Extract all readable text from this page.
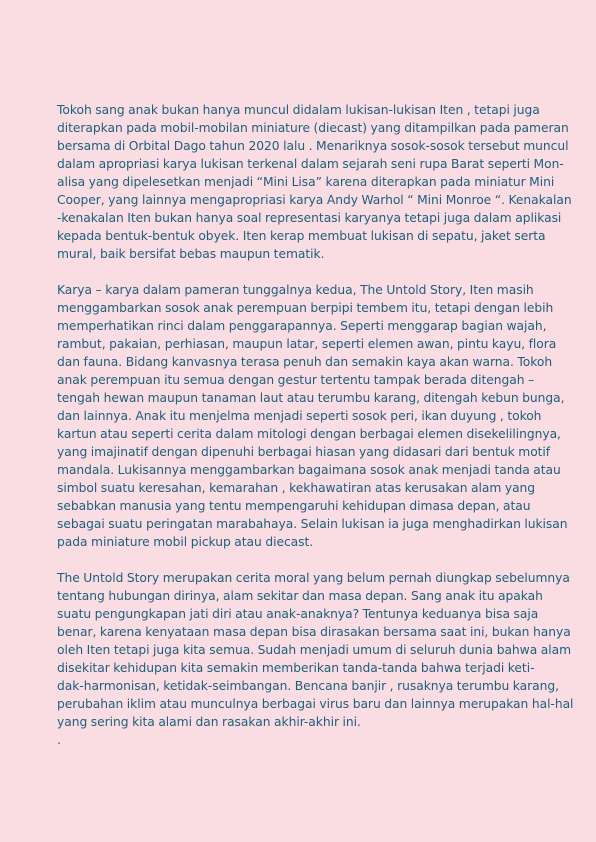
Tokoh sang anak bukan hanya muncul didalam lukisan-lukisan Iten , tetapi juga
diterapkan pada mobil-mobilan miniature (diecast) yang ditampilkan pada pameran
bersama di Orbital Dago tahun 2020 lalu . Menariknya sosok-sosok tersebut muncul
dalam apropriasi karya lukisan terkenal dalam sejarah seni rupa Barat seperti Mon-
alisa yang dipelesetkan menjadi “Mini Lisa” karena diterapkan pada miniatur Mini
Cooper, yang lainnya mengapropriasi karya Andy Warhol “ Mini Monroe “. Kenakalan
-kenakalan Iten bukan hanya soal representasi karyanya tetapi juga dalam aplikasi
kepada bentuk-bentuk obyek. Iten kerap membuat lukisan di sepatu, jaket serta
mural, baik bersifat bebas maupun tematik.

Karya – karya dalam pameran tunggalnya kedua, The Untold Story, Iten masih
menggambarkan sosok anak perempuan berpipi tembem itu, tetapi dengan lebih
memperhatikan rinci dalam penggarapannya. Seperti menggarap bagian wajah,
rambut, pakaian, perhiasan, maupun latar, seperti elemen awan, pintu kayu, flora
dan fauna. Bidang kanvasnya terasa penuh dan semakin kaya akan warna. Tokoh
anak perempuan itu semua dengan gestur tertentu tampak berada ditengah –
tengah hewan maupun tanaman laut atau terumbu karang, ditengah kebun bunga,
dan lainnya. Anak itu menjelma menjadi seperti sosok peri, ikan duyung , tokoh
kartun atau seperti cerita dalam mitologi dengan berbagai elemen disekelilingnya,
yang imajinatif dengan dipenuhi berbagai hiasan yang didasari dari bentuk motif
mandala. Lukisannya menggambarkan bagaimana sosok anak menjadi tanda atau
simbol suatu keresahan, kemarahan , kekhawatiran atas kerusakan alam yang
sebabkan manusia yang tentu mempengaruhi kehidupan dimasa depan, atau
sebagai suatu peringatan marabahaya. Selain lukisan ia juga menghadirkan lukisan
pada miniature mobil pickup atau diecast.

The Untold Story merupakan cerita moral yang belum pernah diungkap sebelumnya
tentang hubungan dirinya, alam sekitar dan masa depan. Sang anak itu apakah
suatu pengungkapan jati diri atau anak-anaknya? Tentunya keduanya bisa saja
benar, karena kenyataan masa depan bisa dirasakan bersama saat ini, bukan hanya
oleh Iten tetapi juga kita semua. Sudah menjadi umum di seluruh dunia bahwa alam
disekitar kehidupan kita semakin memberikan tanda-tanda bahwa terjadi keti-
dak-harmonisan, ketidak-seimbangan. Bencana banjir , rusaknya terumbu karang,
perubahan iklim atau munculnya berbagai virus baru dan lainnya merupakan hal-hal
yang sering kita alami dan rasakan akhir-akhir ini.

.
